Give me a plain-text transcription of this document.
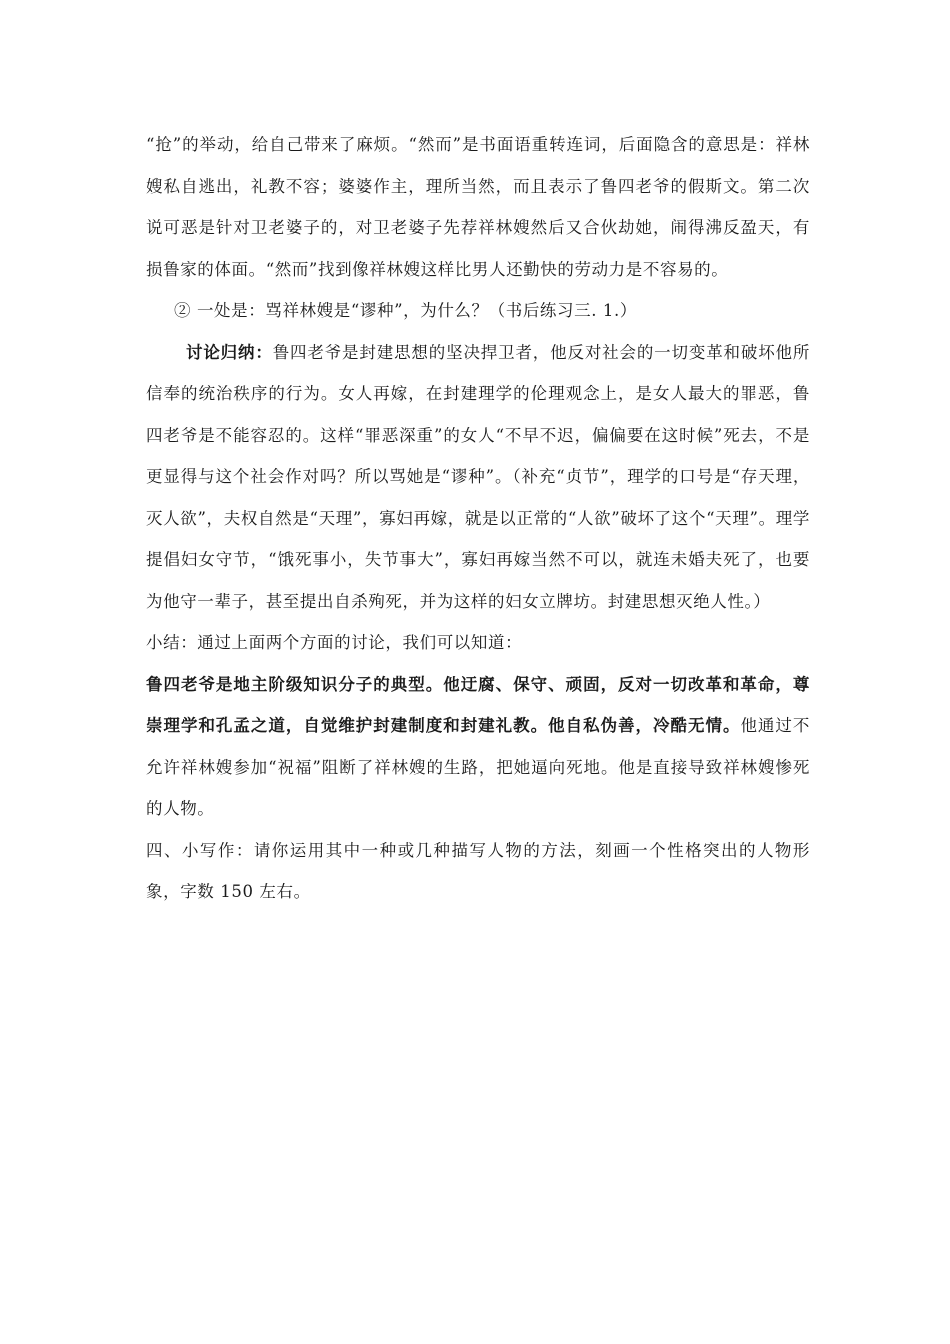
“抢”的举动，给自己带来了麻烦。“然而”是书面语重转连词，后面隐含的意思是：祥林嫂私自逃出，礼教不容；婆婆作主，理所当然，而且表示了鲁四老爷的假斯文。第二次说可恶是针对卫老婆子的，对卫老婆子先荐祥林嫂然后又合伙劫她，闹得沸反盈天，有损鲁家的体面。“然而”找到像祥林嫂这样比男人还勤快的劳动力是不容易的。

② 一处是：骂祥林嫂是“谬种”，为什么？（书后练习三. 1.）

讨论归纳：鲁四老爷是封建思想的坚决捍卫者，他反对社会的一切变革和破坏他所信奉的统治秩序的行为。女人再嫁，在封建理学的伦理观念上，是女人最大的罪恶，鲁四老爷是不能容忍的。这样“罪恶深重”的女人“不早不迟，偏偏要在这时候”死去，不是更显得与这个社会作对吗？所以骂她是“谬种”。（补充“贞节”，理学的口号是“存天理，灭人欲”，夫权自然是“天理”，寡妇再嫁，就是以正常的“人欲”破坏了这个“天理”。理学提倡妇女守节，“饿死事小，失节事大”，寡妇再嫁当然不可以，就连未婚夫死了，也要为他守一辈子，甚至提出自杀殉死，并为这样的妇女立牌坊。封建思想灭绝人性。）

小结：通过上面两个方面的讨论，我们可以知道：

鲁四老爷是地主阶级知识分子的典型。他迂腐、保守、顽固，反对一切改革和革命，尊崇理学和孔孟之道，自觉维护封建制度和封建礼教。他自私伪善，冷酷无情。他通过不允许祥林嫂参加“祝福”阻断了祥林嫂的生路，把她逼向死地。他是直接导致祥林嫂惨死的人物。

四、小写作：请你运用其中一种或几种描写人物的方法，刻画一个性格突出的人物形象，字数 150 左右。
